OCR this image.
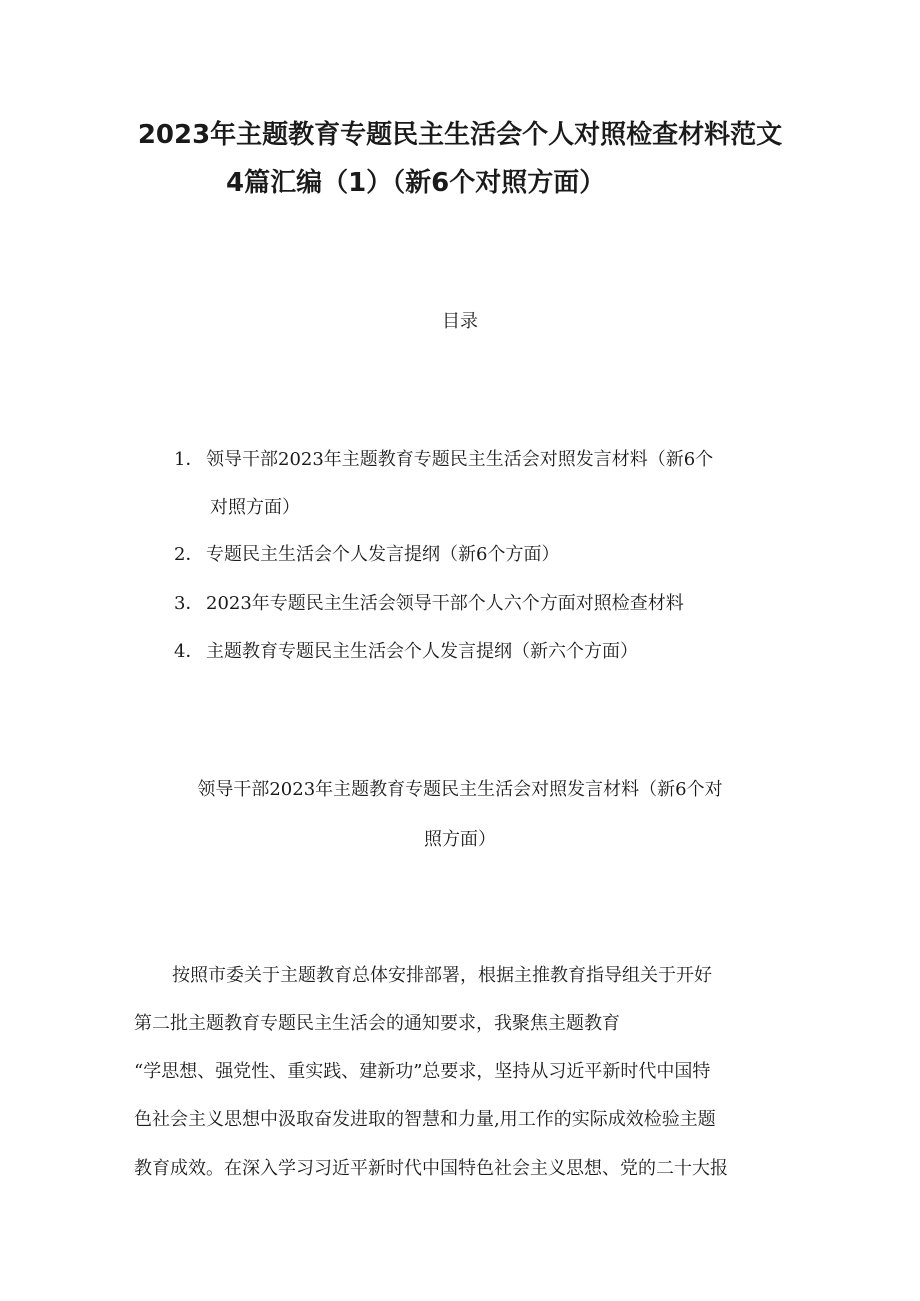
2023年主题教育专题民主生活会个人对照检查材料范文
4篇汇编（1）（新6个对照方面）
目录
1． 领导干部2023年主题教育专题民主生活会对照发言材料（新6个
对照方面）
2． 专题民主生活会个人发言提纲（新6个方面）
3． 2023年专题民主生活会领导干部个人六个方面对照检查材料
4． 主题教育专题民主生活会个人发言提纲（新六个方面）
领导干部2023年主题教育专题民主生活会对照发言材料（新6个对
照方面）
按照市委关于主题教育总体安排部署，根据主推教育指导组关于开好
第二批主题教育专题民主生活会的通知要求，我聚焦主题教育
“学思想、强党性、重实践、建新功”总要求，坚持从习近平新时代中国特
色社会主义思想中汲取奋发进取的智慧和力量,用工作的实际成效检验主题
教育成效。在深入学习习近平新时代中国特色社会主义思想、党的二十大报
